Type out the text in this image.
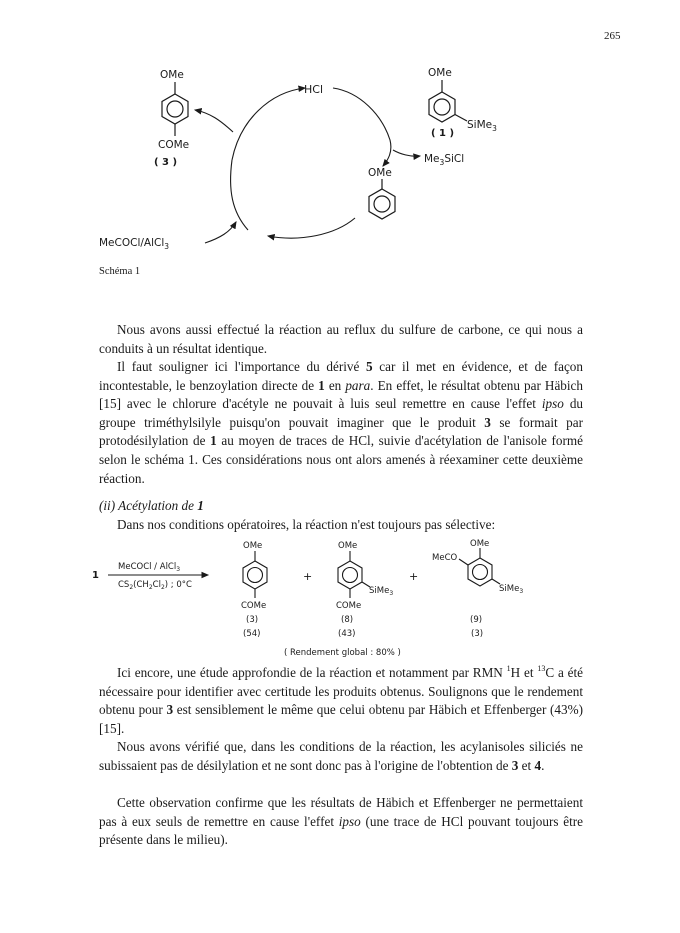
265
OMe
COMe
( 3 )
HCl
OMe
SiMe$_3$
( 1 )
$Me_3SiCl$
OMe
MeCOCl/AlCl$_3$
Schéma 1

Nous avons aussi effectué la réaction au reflux du sulfure de carbone, ce qui nous a conduits à un résultat identique.

Il faut souligner ici l'importance du dérivé 5 car il met en évidence, et de façon incontestable, le benzoylation directe de 1 en para. En effet, le résultat obtenu par Häbich [15] avec le chlorure d'acétyle ne pouvait à luis seul remettre en cause l'effet ipso du groupe triméthylsilyle puisqu'on pouvait imaginer que le produit 3 se formait par protodésilylation de 1 au moyen de traces de HCl, suivie d'acétylation de l'anisole formé selon le schéma 1. Ces considérations nous ont alors amenés à réexaminer cette deuxième réaction.

(ii) Acétylation de 1

Dans nos conditions opératoires, la réaction n'est toujours pas sélective:

1
MeCOCl / AlCl$_3$
$CS_2(CH_2Cl_2)$ ; 0°C
OMe
COMe
(3)
(54)
+
OMe
SiMe$_3$
COMe
(8)
(43)
+
OMe
MeCO
SiMe$_3$
(9)
(3)
( Rendement global : 80% )

Ici encore, une étude approfondie de la réaction et notamment par RMN $^1$H et $^{13}$C a été nécessaire pour identifier avec certitude les produits obtenus. Soulignons que le rendement obtenu pour 3 est sensiblement le même que celui obtenu par Häbich et Effenberger (43%) [15].

Nous avons vérifié que, dans les conditions de la réaction, les acylanisoles siliciés ne subissaient pas de désilylation et ne sont donc pas à l'origine de l'obtention de 3 et 4.

Cette observation confirme que les résultats de Häbich et Effenberger ne permettaient pas à eux seuls de remettre en cause l'effet ipso (une trace de HCl pouvant toujours être présente dans le milieu).
